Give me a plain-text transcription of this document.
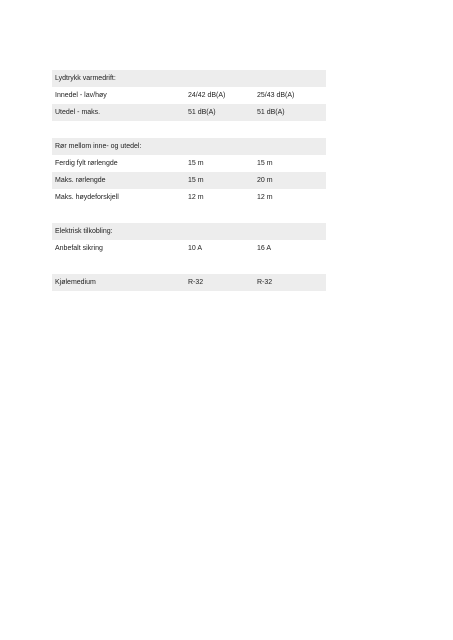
Lydtrykk varmedrift:
Innedel - lav/høy	24/42 dB(A)	25/43 dB(A)
Utedel - maks.	51 dB(A)	51 dB(A)
Rør mellom inne- og utedel:
Ferdig fylt rørlengde	15 m	15 m
Maks. rørlengde	15 m	20 m
Maks. høydeforskjell	12 m	12 m
Elektrisk tilkobling:
Anbefalt sikring	10 A	16 A
Kjølemedium	R-32	R-32
